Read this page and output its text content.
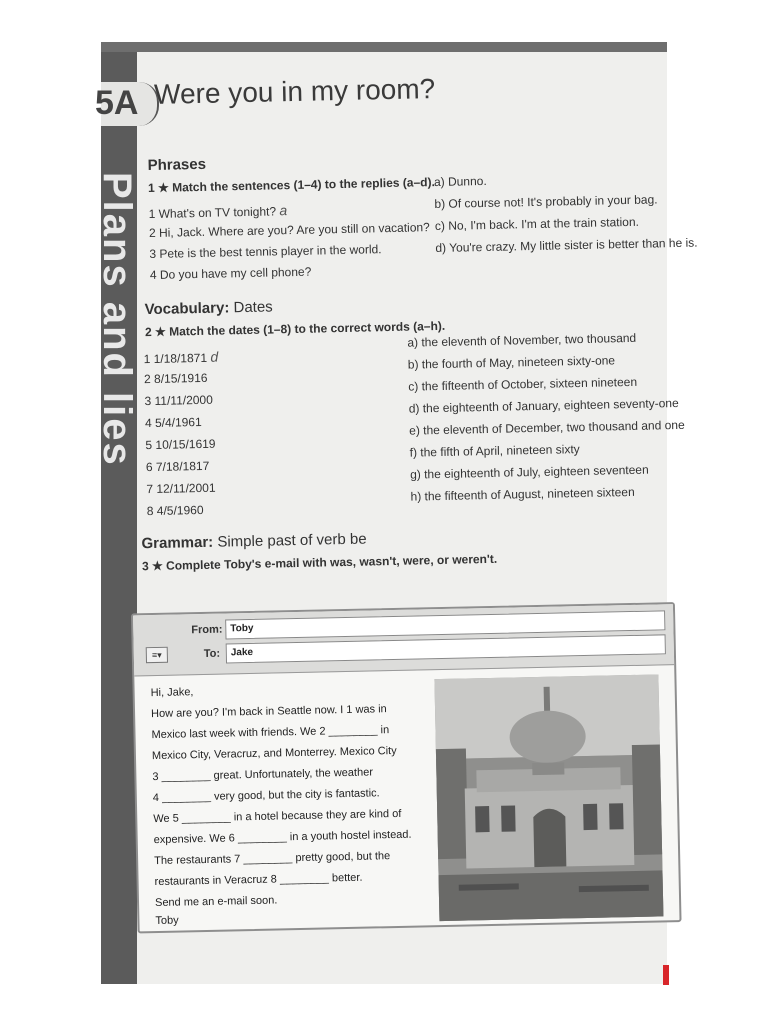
Plans and lies
5A Were you in my room?
Phrases
1 ★ Match the sentences (1–4) to the replies (a–d).
1 What's on TV tonight? a
2 Hi, Jack. Where are you? Are you still on vacation?
3 Pete is the best tennis player in the world.
4 Do you have my cell phone?
a) Dunno.
b) Of course not! It's probably in your bag.
c) No, I'm back. I'm at the train station.
d) You're crazy. My little sister is better than he is.
Vocabulary: Dates
2 ★ Match the dates (1–8) to the correct words (a–h).
1 1/18/1871 d
2 8/15/1916
3 11/11/2000
4 5/4/1961
5 10/15/1619
6 7/18/1817
7 12/11/2001
8 4/5/1960
a) the eleventh of November, two thousand
b) the fourth of May, nineteen sixty-one
c) the fifteenth of October, sixteen nineteen
d) the eighteenth of January, eighteen seventy-one
e) the eleventh of December, two thousand and one
f) the fifth of April, nineteen sixty
g) the eighteenth of July, eighteen seventeen
h) the fifteenth of August, nineteen sixteen
Grammar: Simple past of verb be
3 ★ Complete Toby's e-mail with was, wasn't, were, or weren't.
From: Toby
≡▾	To:	Jake
Hi, Jake,
How are you? I'm back in Seattle now. I 1 was in
Mexico last week with friends. We 2 ________ in
Mexico City, Veracruz, and Monterrey. Mexico City
3 ________ great. Unfortunately, the weather
4 ________ very good, but the city is fantastic.
We 5 ________ in a hotel because they are kind of
expensive. We 6 ________ in a youth hostel instead.
The restaurants 7 ________ pretty good, but the
restaurants in Veracruz 8 ________ better.
Send me an e-mail soon.
Toby
